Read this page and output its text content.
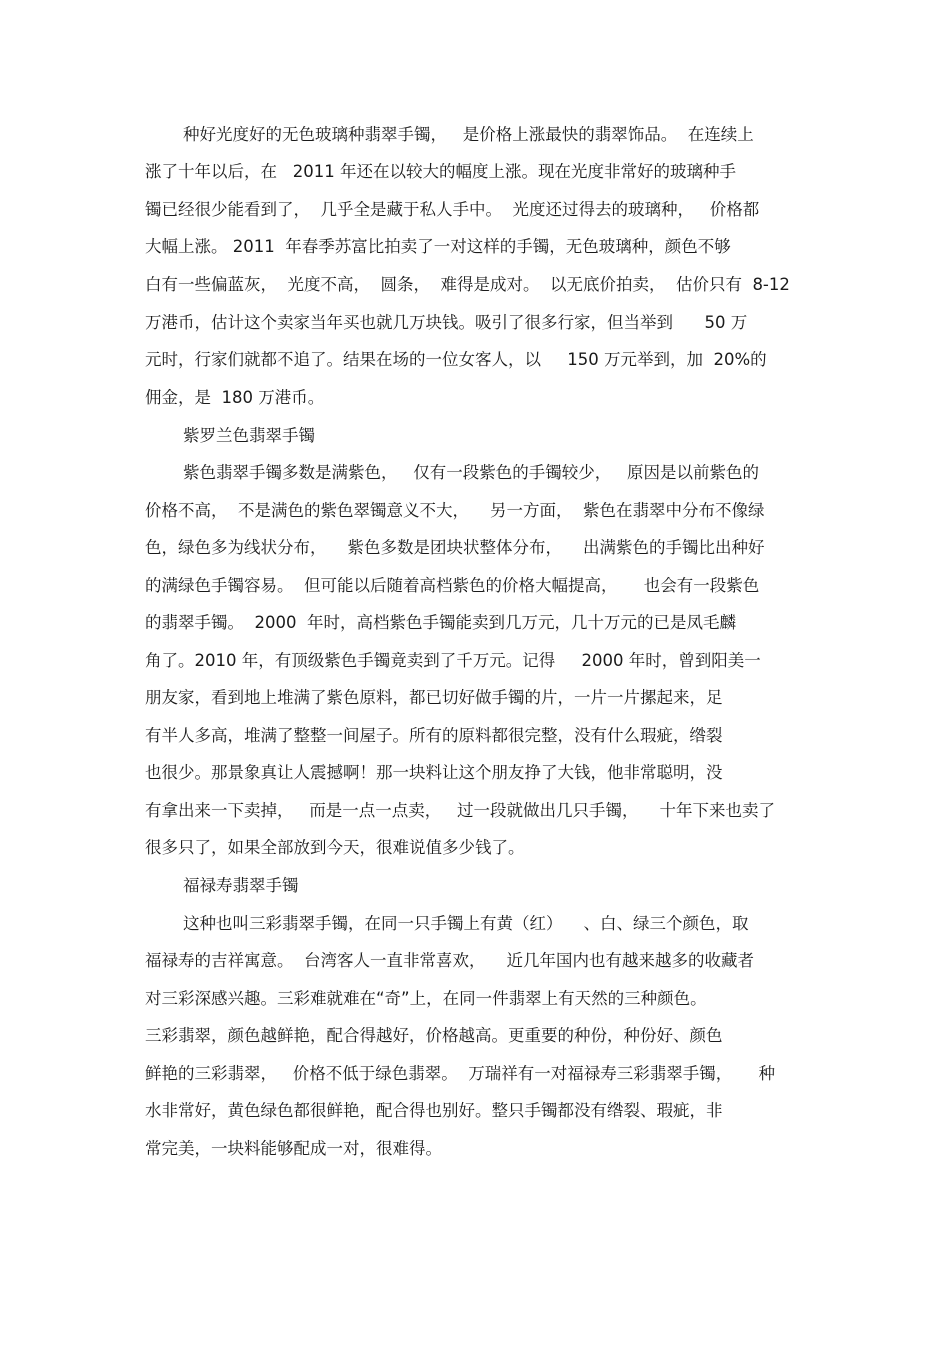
种好光度好的无色玻璃种翡翠手镯，   是价格上涨最快的翡翠饰品。  在连续上
涨了十年以后，在   2011 年还在以较大的幅度上涨。现在光度非常好的玻璃种手
镯已经很少能看到了，  几乎全是藏于私人手中。  光度还过得去的玻璃种，   价格都
大幅上涨。 2011  年春季苏富比拍卖了一对这样的手镯，无色玻璃种，颜色不够
白有一些偏蓝灰，  光度不高，  圆条，  难得是成对。  以无底价拍卖，  估价只有  8-12
万港币，估计这个卖家当年买也就几万块钱。吸引了很多行家，但当举到      50 万
元时，行家们就都不追了。结果在场的一位女客人，以     150 万元举到，加  20%的
佣金，是  180 万港币。
紫罗兰色翡翠手镯
紫色翡翠手镯多数是满紫色，   仅有一段紫色的手镯较少，   原因是以前紫色的
价格不高，  不是满色的紫色翠镯意义不大，    另一方面，  紫色在翡翠中分布不像绿
色，绿色多为线状分布，    紫色多数是团块状整体分布，    出满紫色的手镯比出种好
的满绿色手镯容易。  但可能以后随着高档紫色的价格大幅提高，     也会有一段紫色
的翡翠手镯。  2000  年时，高档紫色手镯能卖到几万元，几十万元的已是凤毛麟
角了。2010 年，有顶级紫色手镯竟卖到了千万元。记得     2000 年时，曾到阳美一
朋友家，看到地上堆满了紫色原料，都已切好做手镯的片，一片一片摞起来，足
有半人多高，堆满了整整一间屋子。所有的原料都很完整，没有什么瑕疵，绺裂
也很少。那景象真让人震撼啊！那一块料让这个朋友挣了大钱，他非常聪明，没
有拿出来一下卖掉，   而是一点一点卖，   过一段就做出几只手镯，    十年下来也卖了
很多只了，如果全部放到今天，很难说值多少钱了。
福禄寿翡翠手镯
这种也叫三彩翡翠手镯，在同一只手镯上有黄（红）    、白、绿三个颜色，取
福禄寿的吉祥寓意。  台湾客人一直非常喜欢，    近几年国内也有越来越多的收藏者
对三彩深感兴趣。三彩难就难在“奇”上，在同一件翡翠上有天然的三种颜色。
三彩翡翠，颜色越鲜艳，配合得越好，价格越高。更重要的种份，种份好、颜色
鲜艳的三彩翡翠，   价格不低于绿色翡翠。  万瑞祥有一对福禄寿三彩翡翠手镯，     种
水非常好，黄色绿色都很鲜艳，配合得也别好。整只手镯都没有绺裂、瑕疵，非
常完美，一块料能够配成一对，很难得。
